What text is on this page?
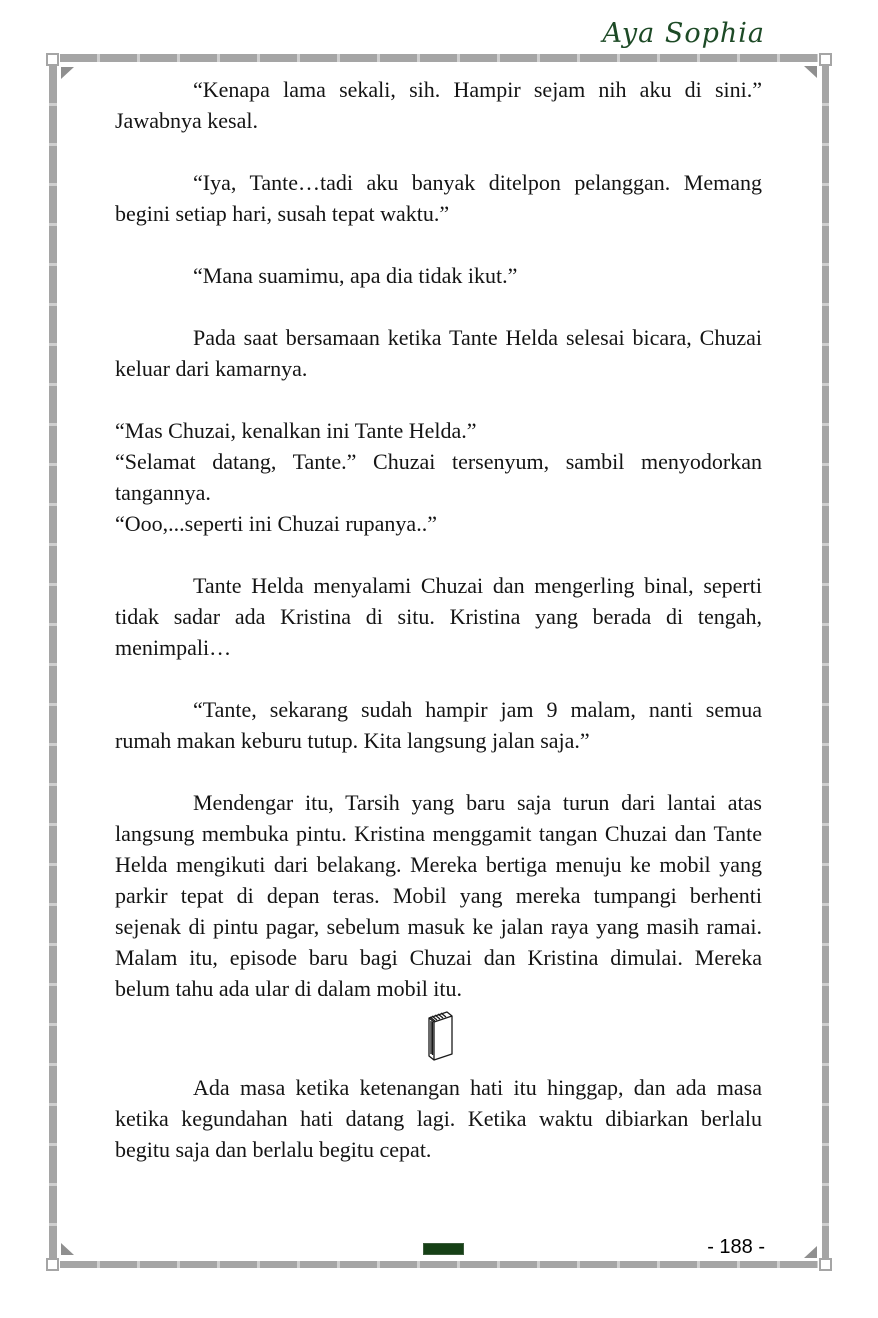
Aya Sophia

“Kenapa lama sekali, sih. Hampir sejam nih aku di sini.” Jawabnya kesal.

“Iya, Tante…tadi aku banyak ditelpon pelanggan. Memang begini setiap hari, susah tepat waktu.”

“Mana suamimu, apa dia tidak ikut.”

Pada saat bersamaan ketika Tante Helda selesai bicara, Chuzai keluar dari kamarnya.

“Mas Chuzai, kenalkan ini Tante Helda.”

“Selamat datang, Tante.” Chuzai tersenyum, sambil menyodorkan tangannya.

“Ooo,...seperti ini Chuzai rupanya..”

Tante Helda menyalami Chuzai dan mengerling binal, seperti tidak sadar ada Kristina di situ. Kristina yang berada di tengah, menimpali…

“Tante, sekarang sudah hampir jam 9 malam, nanti semua rumah makan keburu tutup. Kita langsung jalan saja.”

Mendengar itu, Tarsih yang baru saja turun dari lantai atas langsung membuka pintu. Kristina menggamit tangan Chuzai dan Tante Helda mengikuti dari belakang. Mereka bertiga menuju ke mobil yang parkir tepat di depan teras. Mobil yang mereka tumpangi berhenti sejenak di pintu pagar, sebelum masuk ke jalan raya yang masih ramai. Malam itu, episode baru bagi Chuzai dan Kristina dimulai. Mereka belum tahu ada ular di dalam mobil itu.

Ada masa ketika ketenangan hati itu hinggap, dan ada masa ketika kegundahan hati datang lagi. Ketika waktu dibiarkan berlalu begitu saja dan berlalu begitu cepat.

- 188 -
